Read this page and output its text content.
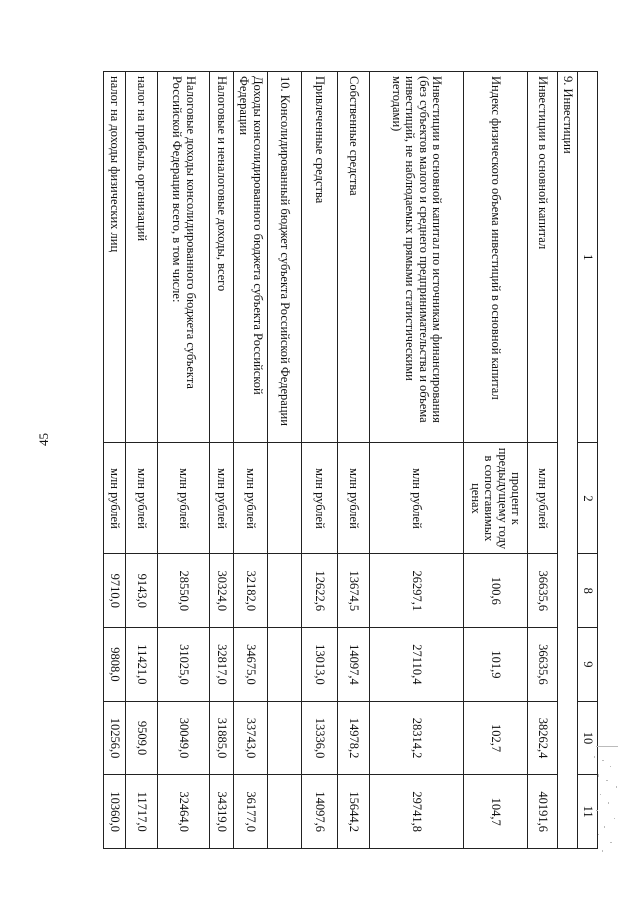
45
1	2	8	9	10	11
9. Инвестиции					
Инвестиции в основной капитал	млн рублей	36635,6	36635,6	38262,4	40191,6
Индекс физического объема инвестиций в основной капитал	процент к предыдущему году в сопоставимых ценах	100,6	101,9	102,7	104,7
Инвестиции в основной капитал по источникам финансирования (без субъектов малого и среднего предпринимательства и объема инвестиций, не наблюдаемых прямыми статистическими методами)	млн рублей	26297,1	27110,4	28314,2	29741,8
Собственные средства	млн рублей	13674,5	14097,4	14978,2	15644,2
Привлеченные средства	млн рублей	12622,6	13013,0	13336,0	14097,6
10. Консолидированный бюджет субъекта Российской Федерации					
Доходы консолидированного бюджета субъекта Российской Федерации	млн рублей	32182,0	34675,0	33743,0	36177,0
Налоговые и неналоговые доходы, всего	млн рублей	30324,0	32817,0	31885,0	34319,0
Налоговые доходы консолидированного бюджета субъекта Российской Федерации всего, в том числе:	млн рублей	28550,0	31025,0	30049,0	32464,0
налог на прибыль организаций	млн рублей	9143,0	11421,0	9509,0	11717,0
налог на доходы физических лиц	млн рублей	9710,0	9808,0	10256,0	10360,0
